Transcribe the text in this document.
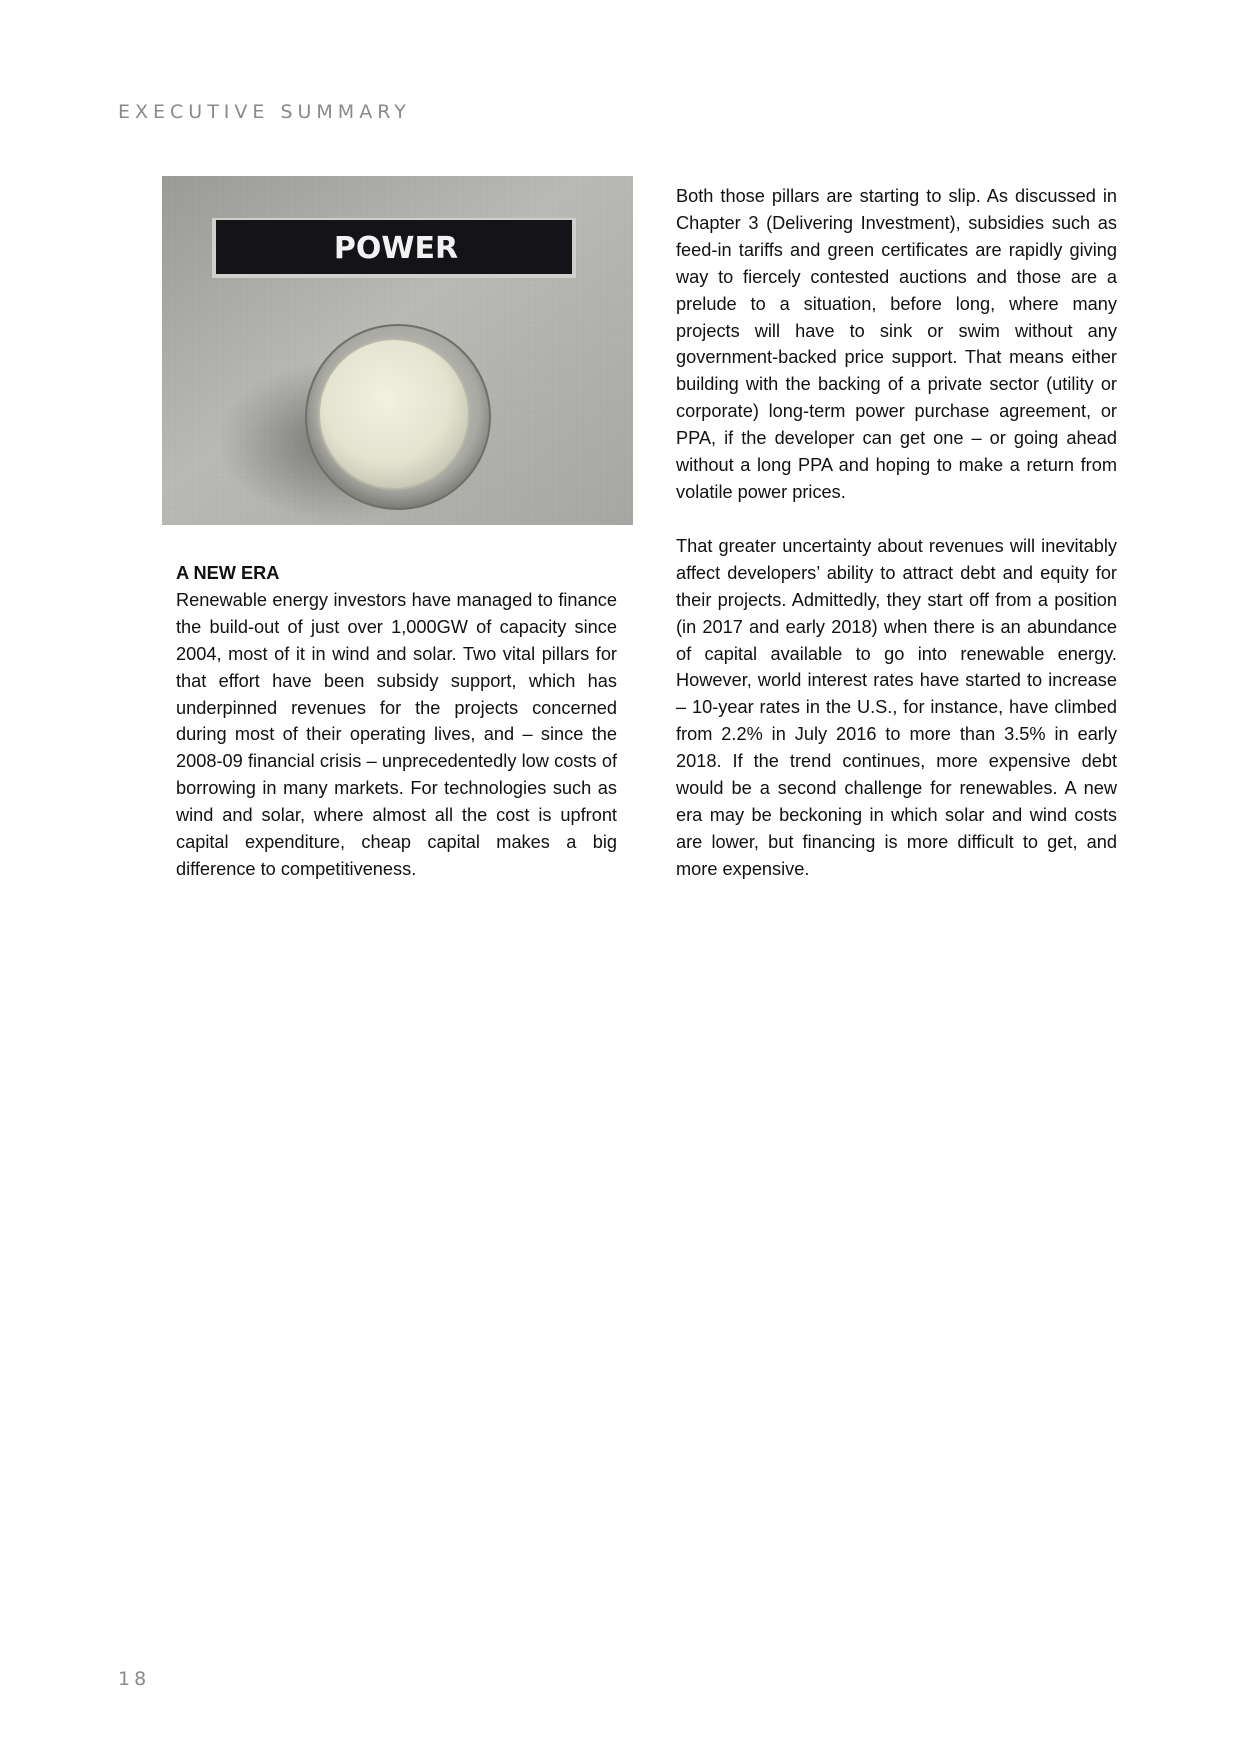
EXECUTIVE SUMMARY
POWER

A NEW ERA

Renewable energy investors have managed to finance the build-out of just over 1,000GW of capacity since 2004, most of it in wind and solar. Two vital pillars for that effort have been subsidy support, which has underpinned revenues for the projects concerned during most of their operating lives, and – since the 2008-09 financial crisis – unprecedentedly low costs of borrowing in many markets. For technologies such as wind and solar, where almost all the cost is upfront capital expenditure, cheap capital makes a big difference to competitiveness.

Both those pillars are starting to slip. As discussed in Chapter 3 (Delivering Investment), subsidies such as feed-in tariffs and green certificates are rapidly giving way to fiercely contested auctions and those are a prelude to a situation, before long, where many projects will have to sink or swim without any government-backed price support. That means either building with the backing of a private sector (utility or corporate) long-term power purchase agreement, or PPA, if the developer can get one – or going ahead without a long PPA and hoping to make a return from volatile power prices.

That greater uncertainty about revenues will inevitably affect developers’ ability to attract debt and equity for their projects. Admittedly, they start off from a position (in 2017 and early 2018) when there is an abundance of capital available to go into renewable energy. However, world interest rates have started to increase – 10-year rates in the U.S., for instance, have climbed from 2.2% in July 2016 to more than 3.5% in early 2018. If the trend continues, more expensive debt would be a second challenge for renewables. A new era may be beckoning in which solar and wind costs are lower, but financing is more difficult to get, and more expensive.

18
